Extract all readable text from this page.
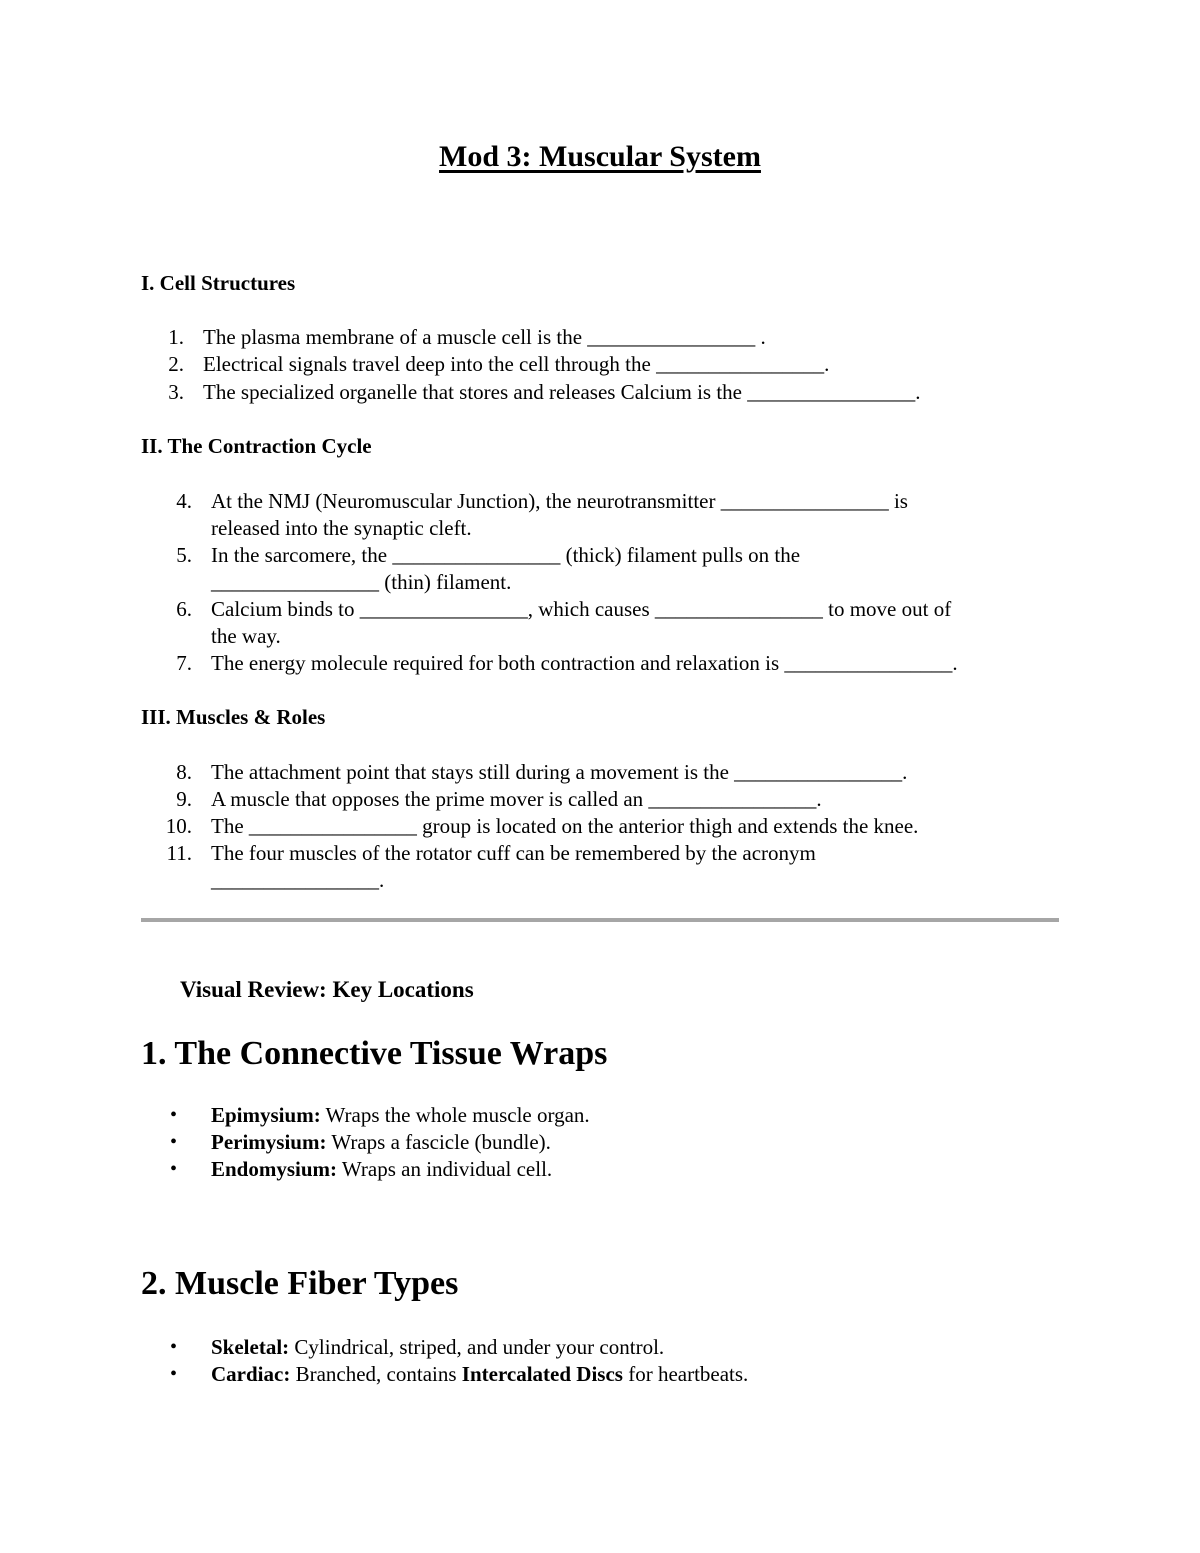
Mod 3: Muscular System
I. Cell Structures
1. The plasma membrane of a muscle cell is the ________________ .
2. Electrical signals travel deep into the cell through the ________________.
3. The specialized organelle that stores and releases Calcium is the ________________.
II. The Contraction Cycle
4. At the NMJ (Neuromuscular Junction), the neurotransmitter ________________ is
released into the synaptic cleft.
5. In the sarcomere, the ________________ (thick) filament pulls on the
________________ (thin) filament.
6. Calcium binds to ________________, which causes ________________ to move out of
the way.
7. The energy molecule required for both contraction and relaxation is ________________.
III. Muscles & Roles
8. The attachment point that stays still during a movement is the ________________.
9. A muscle that opposes the prime mover is called an ________________.
10. The ________________ group is located on the anterior thigh and extends the knee.
11. The four muscles of the rotator cuff can be remembered by the acronym
________________.
Visual Review: Key Locations
1. The Connective Tissue Wraps
• Epimysium: Wraps the whole muscle organ.
• Perimysium: Wraps a fascicle (bundle).
• Endomysium: Wraps an individual cell.
2. Muscle Fiber Types
• Skeletal: Cylindrical, striped, and under your control.
• Cardiac: Branched, contains Intercalated Discs for heartbeats.
